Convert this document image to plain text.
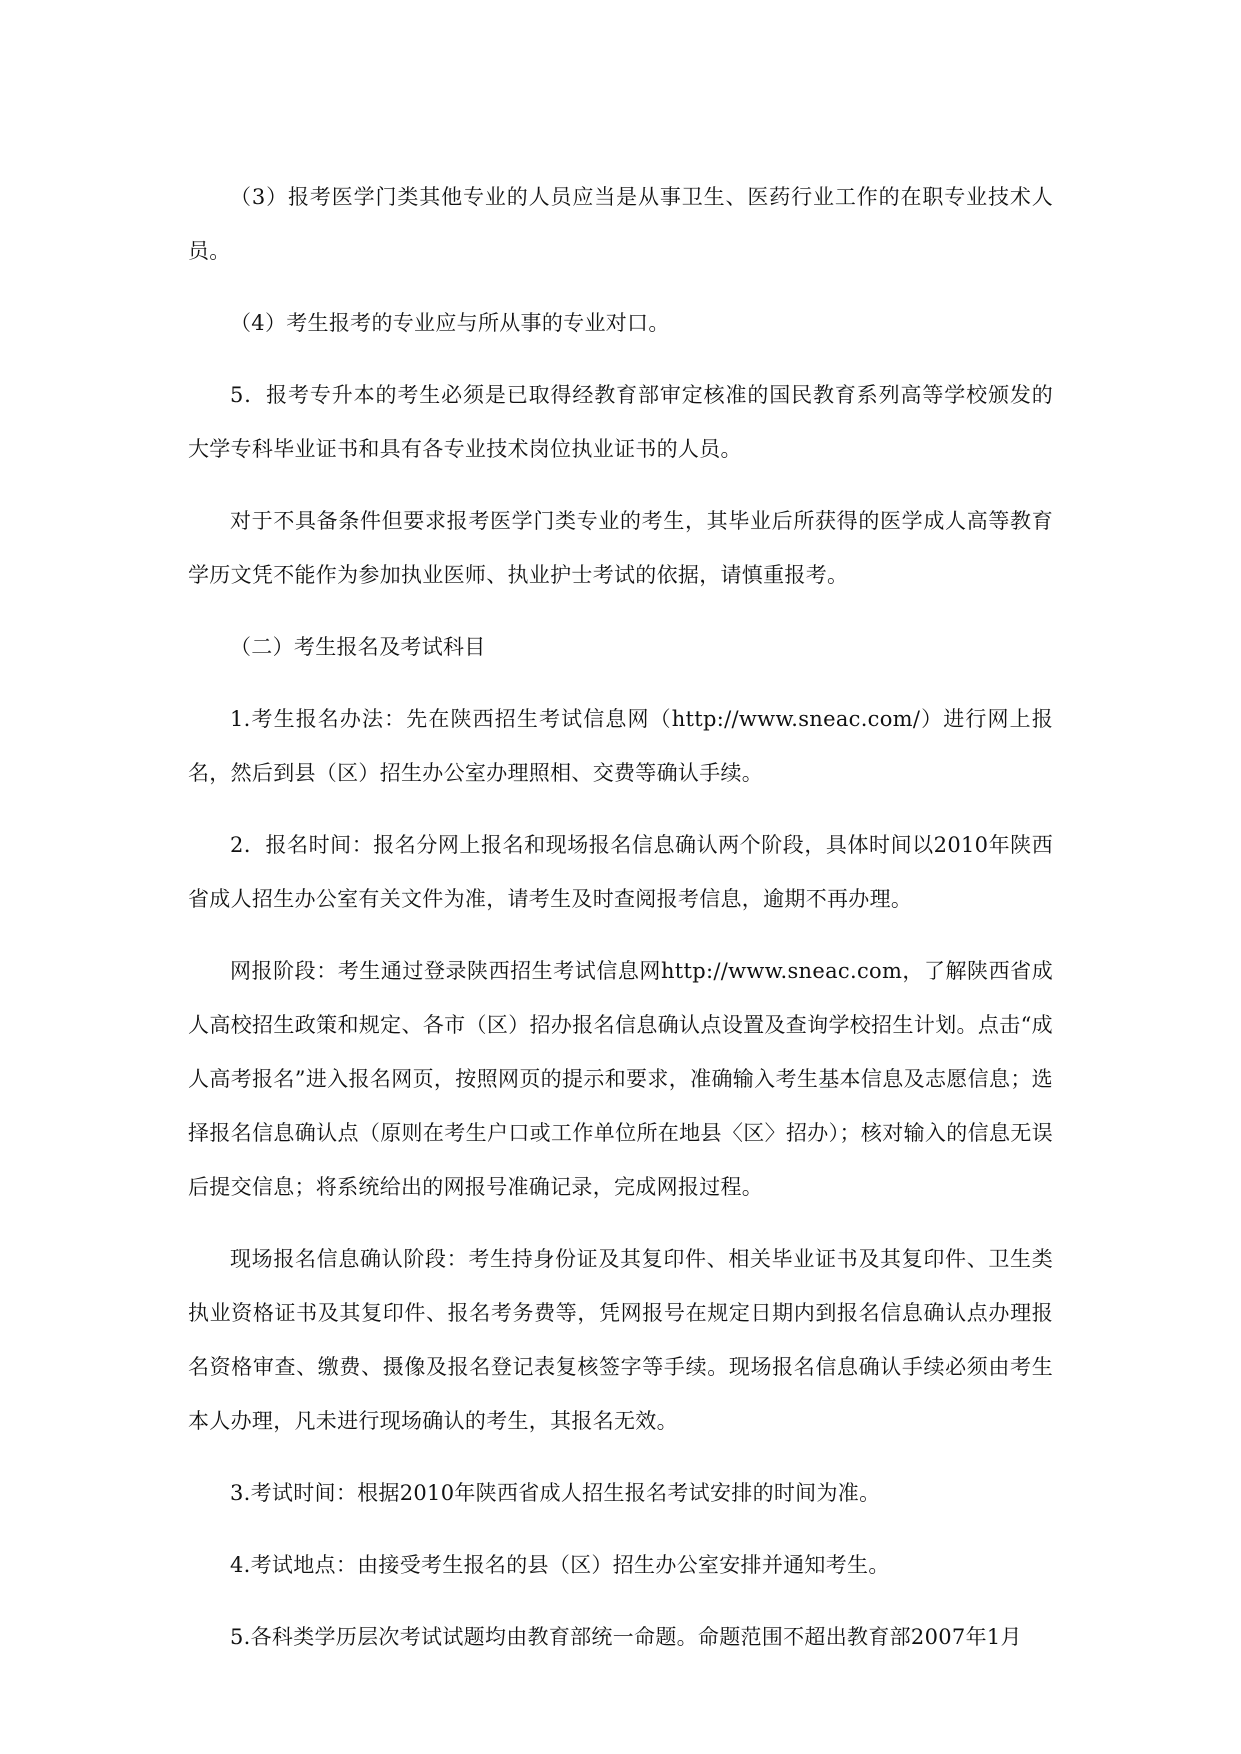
（3）报考医学门类其他专业的人员应当是从事卫生、医药行业工作的在职专业技术人员。

（4）考生报考的专业应与所从事的专业对口。

5．报考专升本的考生必须是已取得经教育部审定核准的国民教育系列高等学校颁发的大学专科毕业证书和具有各专业技术岗位执业证书的人员。

对于不具备条件但要求报考医学门类专业的考生，其毕业后所获得的医学成人高等教育学历文凭不能作为参加执业医师、执业护士考试的依据，请慎重报考。

（二）考生报名及考试科目

1.考生报名办法：先在陕西招生考试信息网（http://www.sneac.com/）进行网上报名，然后到县（区）招生办公室办理照相、交费等确认手续。

2．报名时间：报名分网上报名和现场报名信息确认两个阶段，具体时间以2010年陕西省成人招生办公室有关文件为准，请考生及时查阅报考信息，逾期不再办理。

网报阶段：考生通过登录陕西招生考试信息网http://www.sneac.com，了解陕西省成人高校招生政策和规定、各市（区）招办报名信息确认点设置及查询学校招生计划。点击“成人高考报名”进入报名网页，按照网页的提示和要求，准确输入考生基本信息及志愿信息；选择报名信息确认点（原则在考生户口或工作单位所在地县〈区〉招办）；核对输入的信息无误后提交信息；将系统给出的网报号准确记录，完成网报过程。

现场报名信息确认阶段：考生持身份证及其复印件、相关毕业证书及其复印件、卫生类执业资格证书及其复印件、报名考务费等，凭网报号在规定日期内到报名信息确认点办理报名资格审查、缴费、摄像及报名登记表复核签字等手续。现场报名信息确认手续必须由考生本人办理，凡未进行现场确认的考生，其报名无效。

3.考试时间：根据2010年陕西省成人招生报名考试安排的时间为准。

4.考试地点：由接受考生报名的县（区）招生办公室安排并通知考生。

5.各科类学历层次考试试题均由教育部统一命题。命题范围不超出教育部2007年1月
